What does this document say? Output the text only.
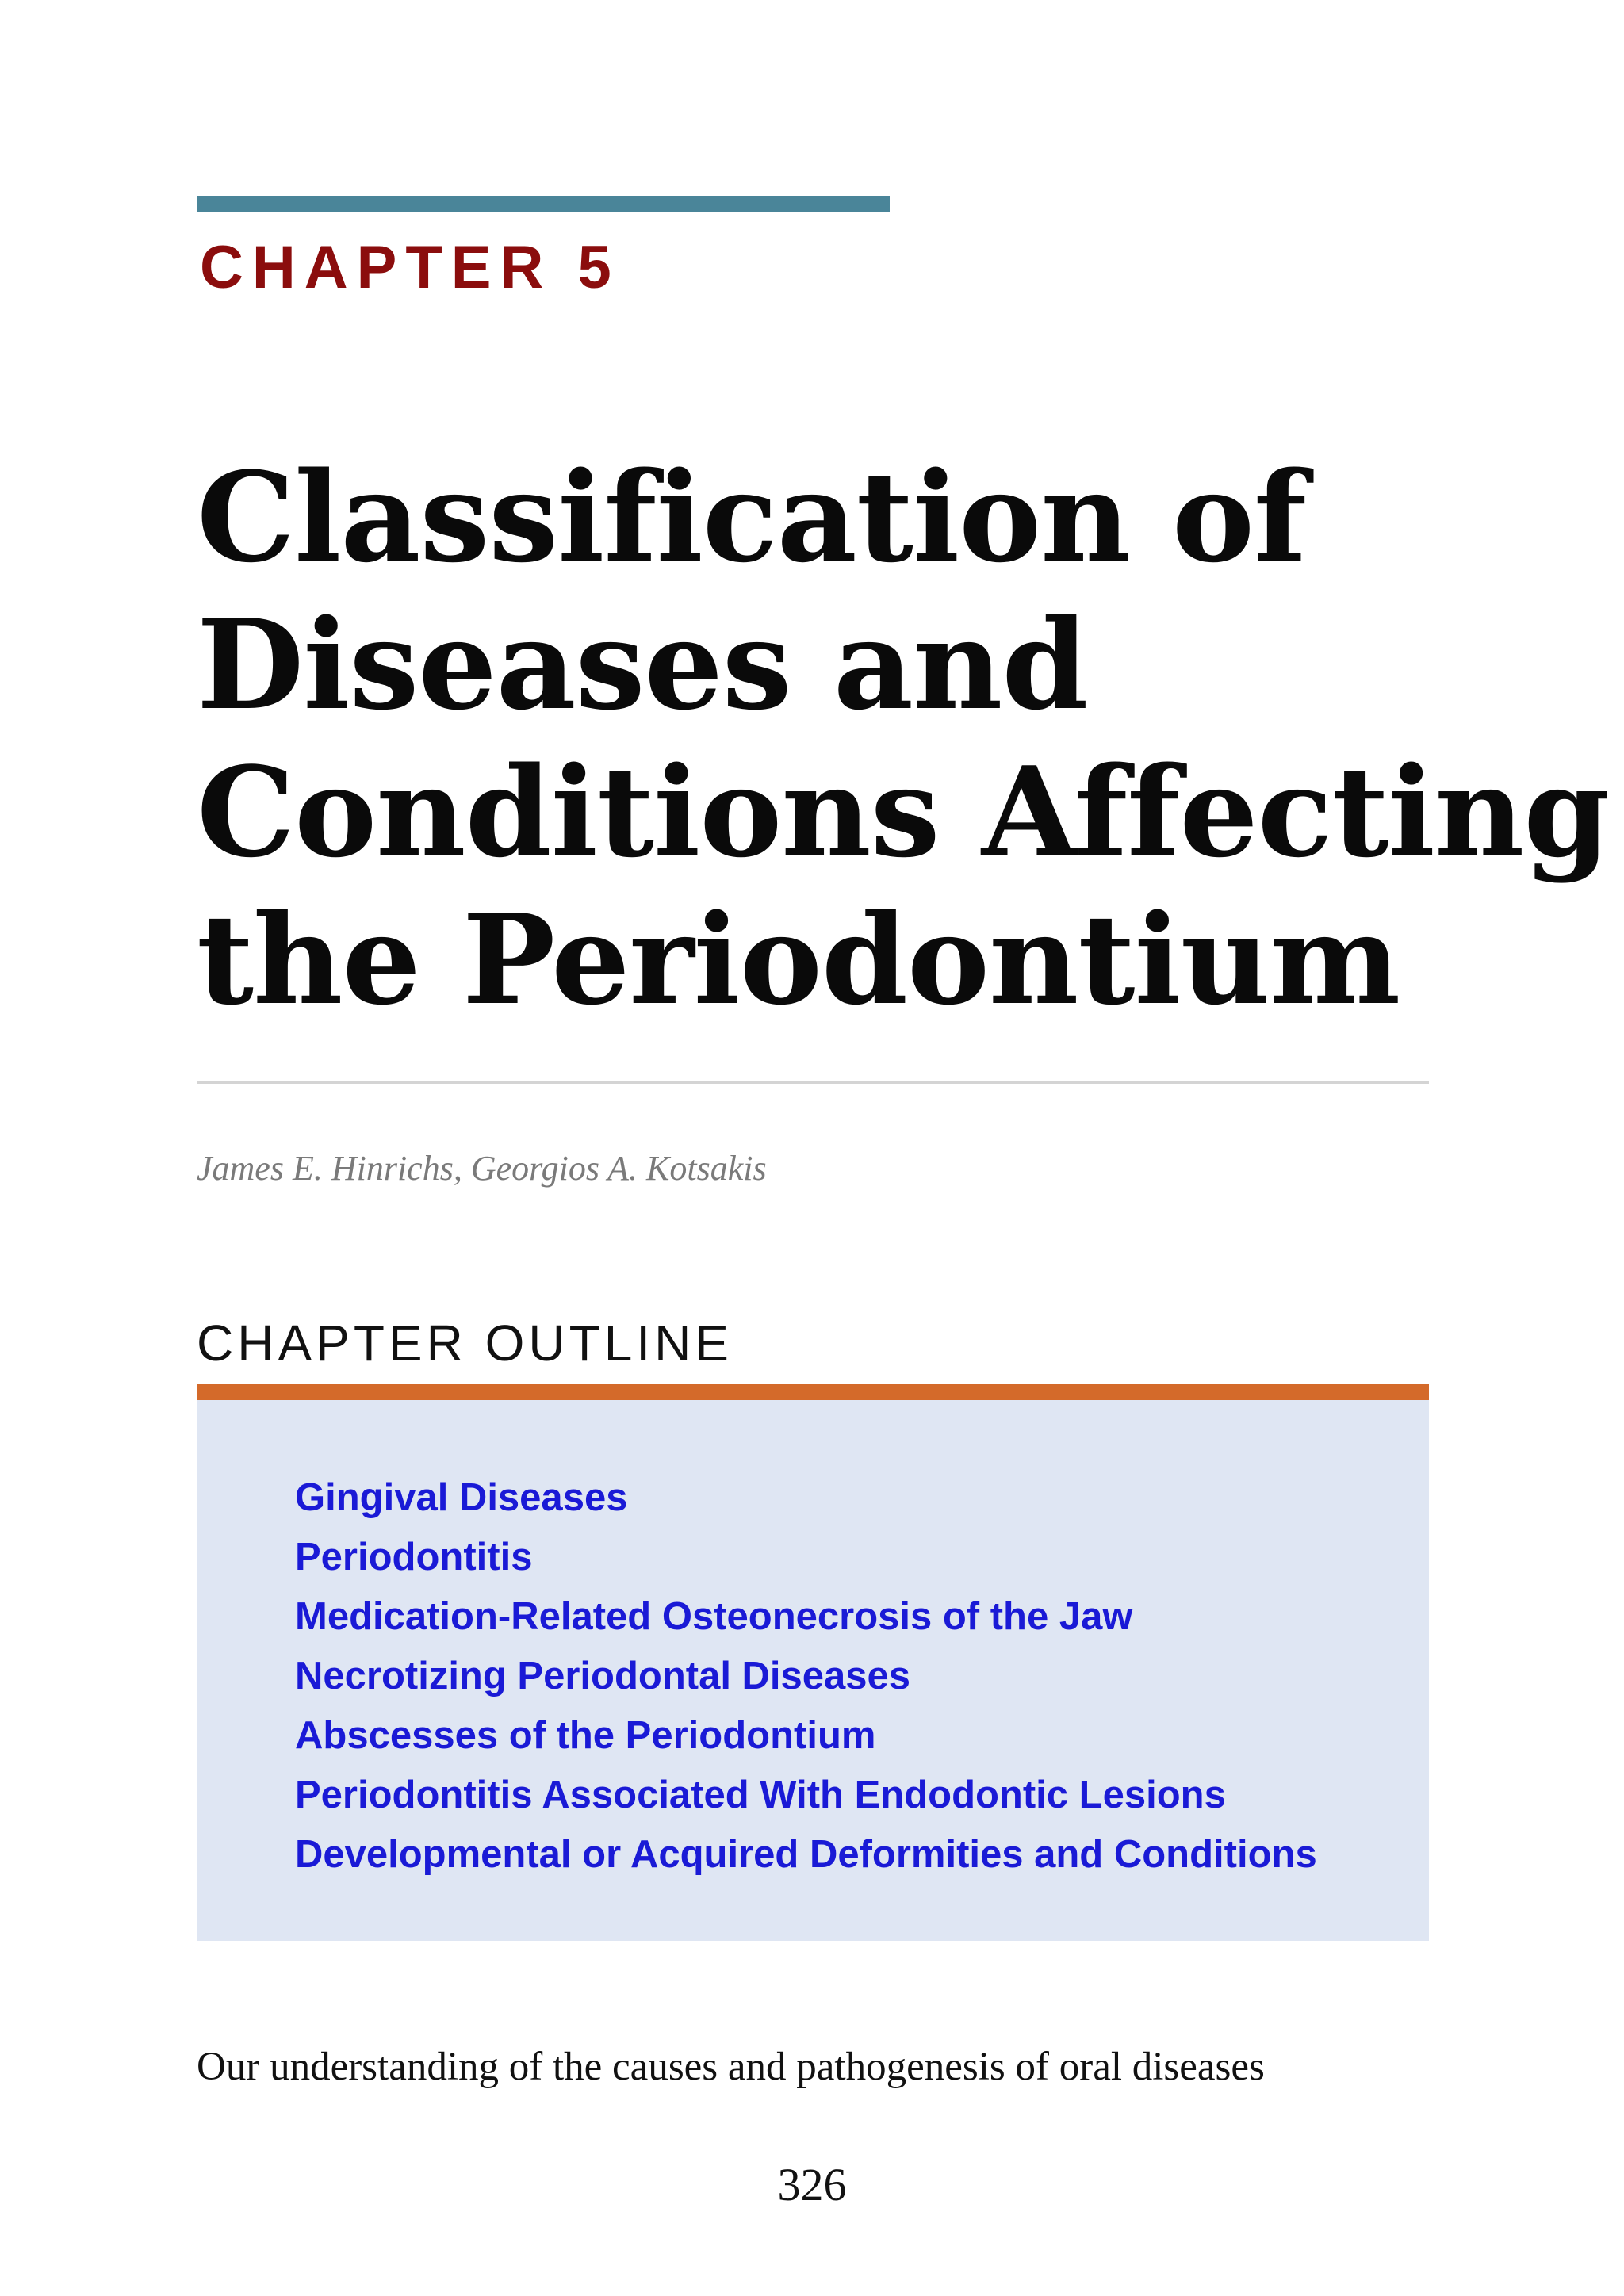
CHAPTER 5
Classification of
Diseases and
Conditions Affecting
the Periodontium
James E. Hinrichs, Georgios A. Kotsakis
CHAPTER OUTLINE
Gingival Diseases
Periodontitis
Medication-Related Osteonecrosis of the Jaw
Necrotizing Periodontal Diseases
Abscesses of the Periodontium
Periodontitis Associated With Endodontic Lesions
Developmental or Acquired Deformities and Conditions
Our understanding of the causes and pathogenesis of oral diseases
326
